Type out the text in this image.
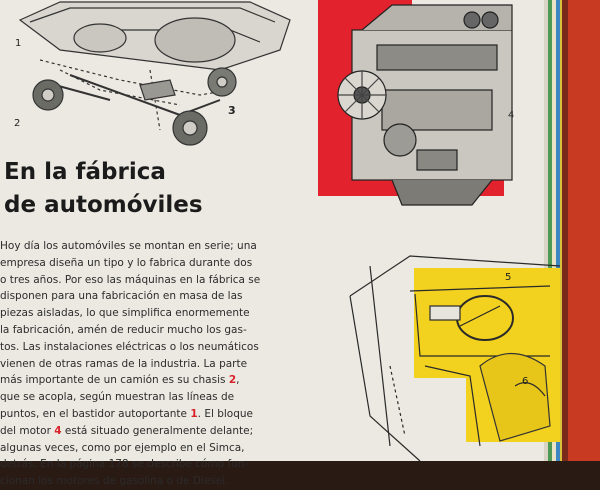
1
2
3	4
5
6
En la fábrica
de automóviles
Hoy día los automóviles se montan en serie; una
empresa diseña un tipo y lo fabrica durante dos
o tres años. Por eso las máquinas en la fábrica se
disponen para una fabricación en masa de las
piezas aisladas, lo que simplifica enormemente
la fabricación, amén de reducir mucho los gas-
tos. Las instalaciones eléctricas o los neumáticos
vienen de otras ramas de la industria. La parte
más importante de un camión es su chasis 2,
que se acopla, según muestran las líneas de
puntos, en el bastidor autoportante 1. El bloque
del motor 4 está situado generalmente delante;
algunas veces, como por ejemplo en el Simca,
detrás. En la página 178 se describe cómo fun-
cionan los motores de gasolina o de Diesel.
